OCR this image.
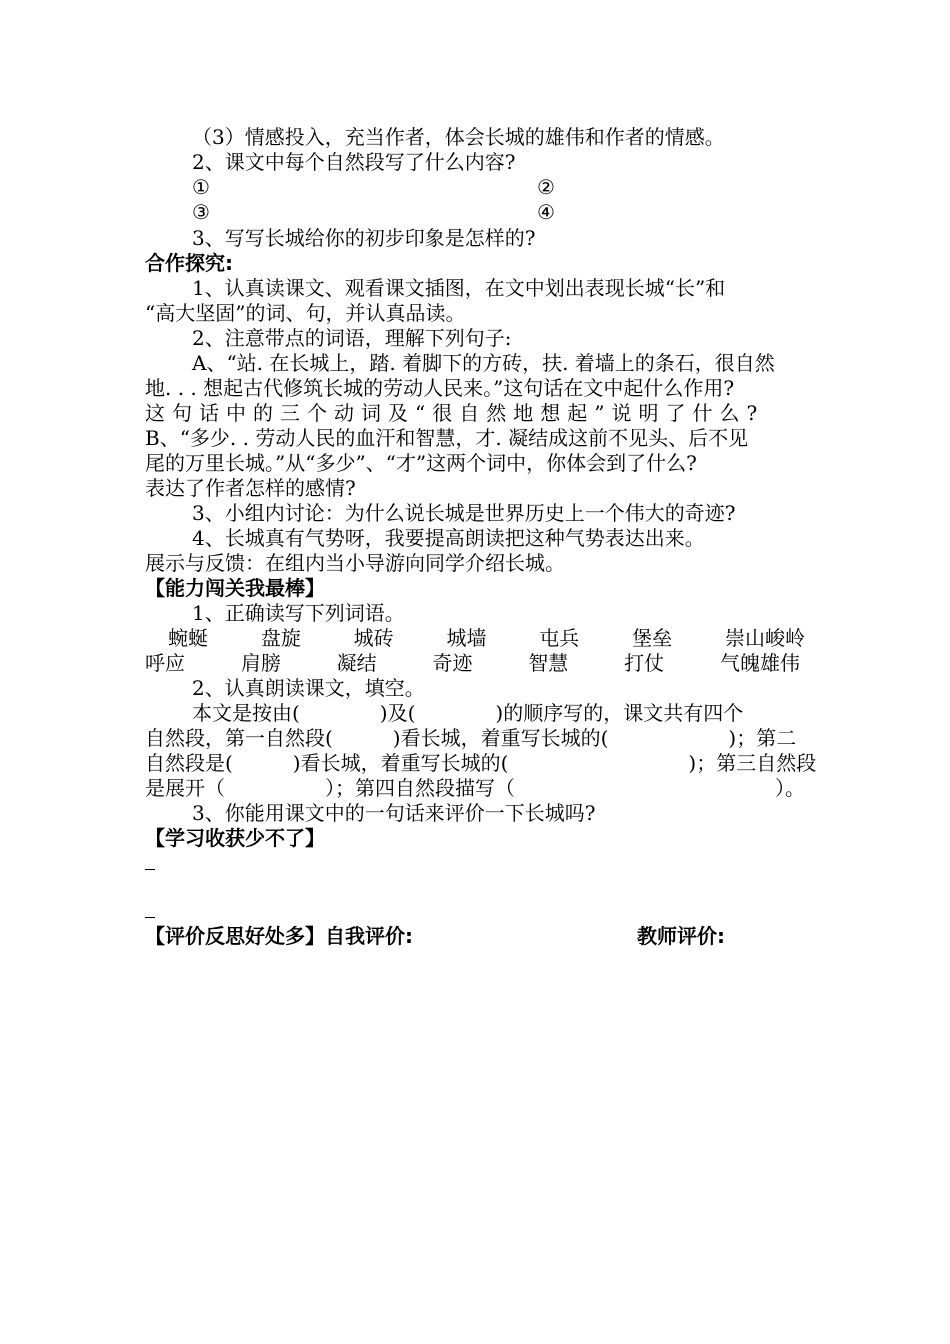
（3）情感投入，充当作者，体会长城的雄伟和作者的情感。
2、课文中每个自然段写了什么内容?
①	②
③	④
3、写写长城给你的初步印象是怎样的?
合作探究:
1、认真读课文、观看课文插图，在文中划出表现长城“长”和
“高大坚固”的词、句，并认真品读。
2、注意带点的词语，理解下列句子:
A、“站. 在长城上，踏. 着脚下的方砖，扶. 着墙上的条石，很自然
地. . . 想起古代修筑长城的劳动人民来。”这句话在文中起什么作用?
这句话中的三个动词及“很自然地想起”说明了什么?
B、“多少. . 劳动人民的血汗和智慧，才. 凝结成这前不见头、后不见
尾的万里长城。”从“多少”、“才”这两个词中，你体会到了什么?
表达了作者怎样的感情?
3、小组内讨论：为什么说长城是世界历史上一个伟大的奇迹?
4、长城真有气势呀，我要提高朗读把这种气势表达出来。
展示与反馈：在组内当小导游向同学介绍长城。
【能力闯关我最棒】
1、正确读写下列词语。
蜿蜒	盘旋	城砖	城墙	屯兵	堡垒	崇山峻岭
呼应	肩膀	凝结	奇迹	智慧	打仗	气魄雄伟
2、认真朗读课文，填空。
本文是按由(　　　　)及(　　　　)的顺序写的，课文共有四个
自然段，第一自然段(　　　)看长城，着重写长城的(　　　　　　)；第二
自然段是(　　　)看长城，着重写长城的(　　　　　　　　　)；第三自然段
是展开（　　　　　）；第四自然段描写（　　　　　　　　　　　　　）。
3、你能用课文中的一句话来评价一下长城吗?
【学习收获少不了】
【评价反思好处多】自我评价:	教师评价:
